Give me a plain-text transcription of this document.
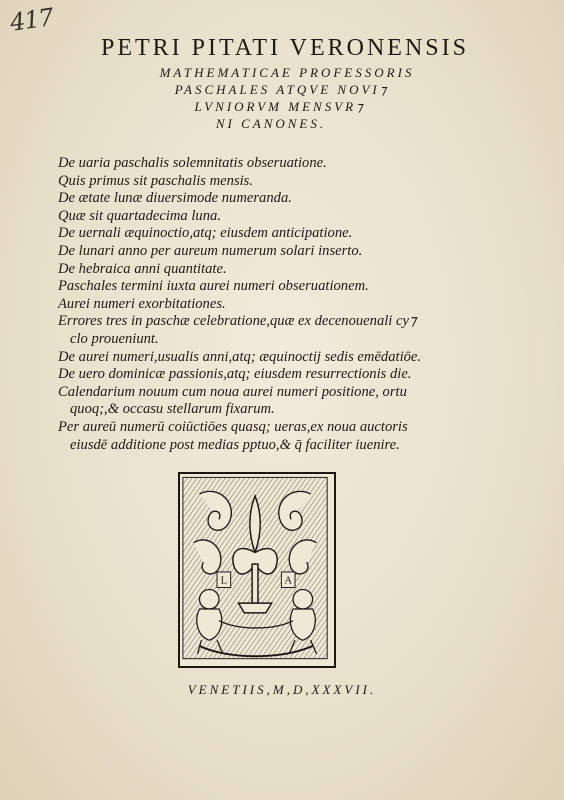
417

PETRI PITATI VERONENSIS

MATHEMATICAE PROFESSORIS

PASCHALES ATQVE NOVI⁊

LVNIORVM MENSVR⁊

NI CANONES.

De uaria paschalis solemnitatis obseruatione.
Quis primus sit paschalis mensis.
De ætate lunæ diuersimode numeranda.
Quæ sit quartadecima luna.
De uernali æquinoctio,atq; eiusdem anticipatione.
De lunari anno per aureum numerum solari inserto.
De hebraica anni quantitate.
Paschales termini iuxta aurei numeri obseruationem.
Aurei numeri exorbitationes.
Errores tres in paschæ celebratione,quæ ex decenouenali cy⁊
clo proueniunt.
De aurei numeri,usualis anni,atq; æquinoctij sedis emēdatiōe.
De uero dominicæ passionis,atq; eiusdem resurrectionis die.
Calendarium nouum cum noua aurei numeri positione, ortu
quoq;,& occasu stellarum fixarum.
Per aureū numerū coiūctiōes quasq; ueras,ex noua auctoris
eiusdē additione post medias pptuo,& q̄ faciliter iuenire.
L	A
VENETIIS,M,D,XXXVII.
